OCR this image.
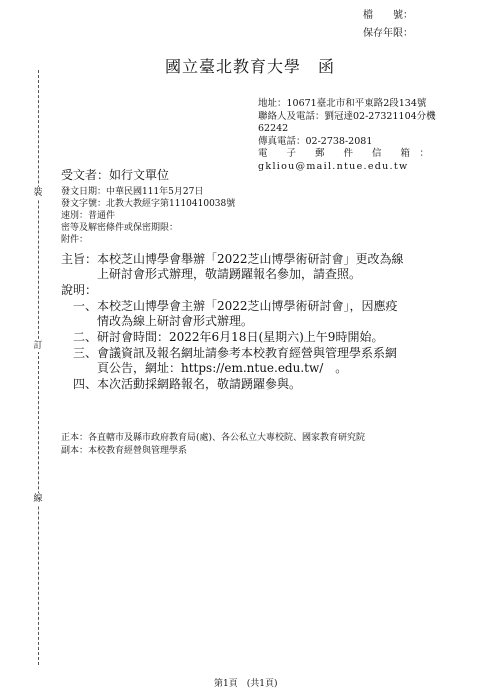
裝
訂
線
檔　　號：
保存年限：
國立臺北教育大學　函
地址：10671臺北市和平東路2段134號
聯絡人及電話：劉冠達02-27321104分機
62242
傳真電話：02-2738-2081
電　　子　　郵　　件　　信　　箱　：
gkliou@mail.ntue.edu.tw
受文者：如行文單位
發文日期：中華民國111年5月27日
發文字號：北教大教經字第1110410038號
速別：普通件
密等及解密條件或保密期限：
附件：
主旨： 本校芝山博學會舉辦「2022芝山博學術研討會」更改為線
上研討會形式辦理，敬請踴躍報名參加，請查照。
說明：
一、 本校芝山博學會主辦「2022芝山博學術研討會」，因應疫
情改為線上研討會形式辦理。
二、 研討會時間：2022年6月18日(星期六)上午9時開始。
三、 會議資訊及報名網址請參考本校教育經營與管理學系系網
頁公告，網址：https://em.ntue.edu.tw/　。
四、 本次活動採網路報名，敬請踴躍參與。
正本：各直轄市及縣市政府教育局(處)、各公私立大專校院、國家教育研究院
副本：本校教育經營與管理學系
第1頁　(共1頁)
